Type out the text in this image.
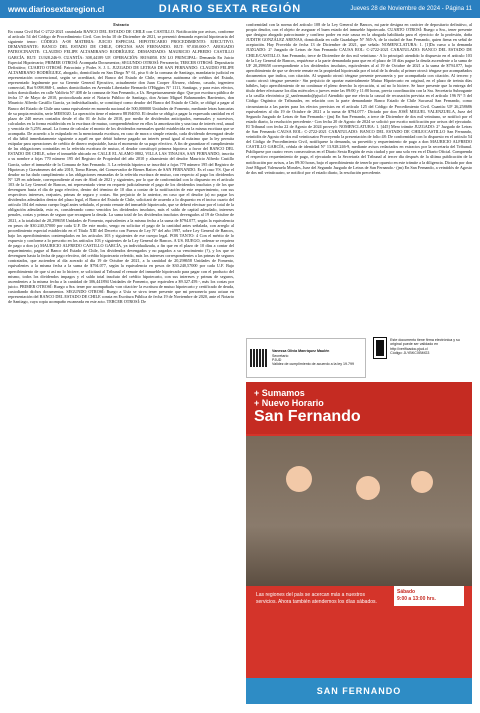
www.diariosextaregion.cl	DIARIO SEXTA REGIÓN	Jueves 28 de Noviembre de 2024 - Página 11
Extracto

En causa Civil Rol C-2722-2021 caratulada BANCO DEL ESTADO DE CHILE con CASTILLO. Notificación por avisos, conforme al artículo 54 del Código de Procedimiento Civil. Con fecha 10 de Diciembre de 2021, se presentó demanda especial hipotecaria del siguiente tenor: CÓDIGO: A-08 MATERIA: JUICIO ESPECIAL HIPOTECARIO PROCEDIMIENTO: EJECUTIVO. DEMANDANTE: BANCO DEL ESTADO DE CHILE, OFICINA SAN FERNANDO. RUT: 97.030.000-7. ABOGADO PATROCINANTE: CLAUDIO FELIPE ALTAMIRANO RODRÍGUEZ. DEMANDADO: MAURICIO ALFREDO CASTILLO GARCÍA. RUT: 13.928.246-9. CUANTÍA: 308,44189 UF. OPERACIÓN: 88194050. EN LO PRINCIPAL: Demanda En Juicio Especial Hipotecario; PRIMER OTROSÍ: Acompaña Documentos; SEGUNDO OTROSÍ: Personería; TERCER OTROSÍ: Depositario Definitivo; CUARTO OTROSÍ: Patrocinio y Poder. S. J. L. JUZGADO DE LETRAS DE SAN FERNANDO. CLAUDIO FELIPE ALTAMIRANO RODRÍGUEZ, abogado, domiciliado en San Diego N° 61, piso 6 de la comuna de Santiago, mandatario judicial en representación convencional, según se acreditará, del Banco del Estado de Chile, empresa autónoma de créditos del Estado, representado legalmente por su Gerente General Ejecutivo, actualmente don Juan Cooper Álvarez, chileno, casado, ingeniero comercial, Rut 9.098.868-1, ambos domiciliados en Avenida Libertador Bernardo O'Higgins N° 1111, Santiago, y para estos efectos, todos domiciliados en calle Valdivia N° 408 de la comuna de San Fernando, a Us. Respetuosamente digo: Que por escritura pública de fecha 17 de Mayo de 2010, protocolizada ante el Notario Público de Santiago, don Arturo Miguel Bahamondes Barrientos, don Mauricio Alfredo Castillo García, ya individualizado, se constituyó como deudor del Banco del Estado de Chile, se obligó a pagar al Banco del Estado de Chile una suma equivalente en moneda nacional de 500,000000 Unidades de Fomento, mediante letras bancarias de su propia emisión, serie ME05020. La operación tiene el número 88194050. El deudor se obligó a pagar la expresada cantidad en el plazo de 240 meses contados desde el día 01 de Julio de 2010, por medio de dividendos anticipados, mensuales y sucesivos, calculados en la forma establecida en la escritura de mutuo, comprendiéndose en ellos la amortización y una tasa de interés real, anual y vencida de 5,25% anual. La forma de calcular el monto de los dividendos mensuales quedó establecida en la misma escritura que se acompaña. De acuerdo a lo estipulado en la mencionada escritura, en caso de mora o simple retardo, cada dividendo devengará desde el día hábil inmediatamente siguiente a aquél en que debió haberse pagado un interés penal igual al máximo que la ley permita estipular para operaciones de crédito de dinero reajustable, hasta el momento de su pago efectivo. A fin de garantizar el cumplimiento de las obligaciones contraídas en la referida escritura de mutuo, el deudor constituyó primera hipoteca a favor del BANCO DEL ESTADO DE CHILE, sobre el inmueble ubicado en CALLE EL ALAMO 0802, VILLA LAS TINAJAS, SAN FERNANDO, inscrita a su nombre a fojas 770 número 195 del Registro de Propiedad del año 2010 y alzamiento del deudor Mauricio Alfredo Castillo García, sobre el inmueble de la Comuna de San Fernando. 3. La referida hipoteca se inscribió a fojas 770 número 195 del Registro de Hipotecas y Gravámenes del año 2010, Tomo Bienes, del Conservador de Bienes Raíces de SAN FERNANDO. Es el caso VS. Que el deudor no ha dado cumplimiento a las obligaciones emanadas de la referida escritura de mutuo, con respecto al pago los dividendos N° 129 en adelante, correspondiente al mes de Abril de 2021 y siguientes, por lo que de conformidad con lo dispuesto en el artículo 103 de la Ley General de Bancos, mi representado viene en requerir judicialmente el pago de los dividendos insolutos y de los que devenguen hasta el día de pago efectivo, dentro del término de 10 días a contar de la notificación de este requerimiento, con sus respectivos intereses, reajustes, primas de seguro y costas. Sin perjuicio de lo anterior, en caso que el deudor (a) no pague los dividendos adeudados dentro del plazo legal, el Banco del Estado de Chile, solicitará de acuerdo a lo dispuesto en el inciso cuarto del artículo 104 del mismo cuerpo legal antes señalado, el pronto remate del inmueble hipotecado, que se deberá efectuar por el total de la obligación adeudada, esto es, considerando como vencidos los dividendos insolutos, más el saldo de capital adeudado, intereses penales, costas y primas de seguro que recarguen la deuda. La suma total de los dividendos insolutos devengados al 19 de Octubre de 2021, a la totalidad de 20,298658 Unidades de Fomento, equivalentes a la misma fecha a la suma de $794.077, según la equivalencia en pesos de $30.240,57000 por cada U.F. De este modo, vengo en solicitar el pago de la cantidad antes señalada, con arreglo al procedimiento especial establecido en el Título XIII del Decreto con Fuerza de Ley N° del año 1997, sobre Ley General de Bancos, bajo los apercibimientos contemplados en los artículos 103 y siguientes de ese cuerpo legal. POR TANTO: 4 Con el mérito de lo expuesto y conforme a lo prescrito en los artículos 103 y siguientes de la Ley General de Bancos. A US. RUEGO, ordenar se requiera de pago a don (a) MAURICIO ALFREDO CASTILLO GARCÍA, ya individualizada, a fin que en el plazo de 10 días a contar del requerimiento, pague al Banco del Estado de Chile, los dividendos devengados y no pagados a su vencimiento (?), y los que se devenguen hasta la fecha de pago efectivo, del crédito hipotecario referido, más los intereses correspondientes a las primas de seguros contratados, que ascienden al día acerado al día 19 de Octubre de 2021, a la cantidad de 20,298658 Unidades de Fomento, equivalentes a la misma fecha a la suma de $794.077, según la equivalencia en pesos de $30.240,57000 por cada U.F. Bajo apercibimiento de que si así no lo hiciere, se solicitará al Tribunal el remate del inmueble hipotecado para pagar con el producto del mismo, todos los dividendos impagos y el saldo total insoluto del crédito hipotecario, con sus intereses y primas de seguros, ascendentes a la misma fecha a la cantidad de 306,441894 Unidades de Fomento, que equivalen a $9.327.459.-, más los costas por juicio. PRIMER OTROSÍ: Ruego a Sra. tener por acompañada -con citación- la escritura de mutuo hipotecario y certificado de deuda, custodiando dichos documentos. SEGUNDO OTROSÍ: Ruego a Usía se sirva tener presente que mi personería para actuar en representación del BANCO DEL ESTADO DE CHILE consta en Escritura Pública de fecha 19 de Noviembre de 2020, ante el Notario de Santiago, cuya copia acompaño escaneada en este acto. TERCER OTROSÍ: De

conformidad con la norma del artículo 108 de la Ley General de Bancos, mi parte designa en carácter de depositario definitivo, al propio deudor, con el objeto de asegurar el buen estado del inmueble hipotecado. CUARTO OTROSÍ: Ruego a Sra., tener presente que designo abogado patrocinante y confiero poder en este causa en la abogada habilitada para el ejercicio de la profesión, doña JUDITH GONZÁLEZ ARENAS, domiciliada en calle Guadalupe N° 565-A, de la ciudad de San Fernando, quien firma en señal de aceptación. Hay Proveído de fecha 13 de Diciembre de 2021, que señala: NOMENCLATURA: 1. [1]Da curso a la demanda JUZGADO: 2° Juzgado de Letras de San Fernando CAUSA ROL: C-2722-2021 CARATULADO: BANCO DEL ESTADO DE CHILE/CASTILLO. San Fernando, trece de Diciembre de dos mil veintiuno.- A lo principal: atendido lo dispuesto en el artículo 103 de la Ley General de Bancos, requiérase a la parte demandada para que en el plazo de 10 días pague la deuda ascendente a la suma de UF 20,298658 correspondiente a los dividendos insolutos, equivalentes al al 19 de Octubre de 2021 a la suma de $794.077, bajo apercibimiento de que se decrete remate en la propiedad hipotecada por el total de la deuda; al primer otrosí: téngase por acompañados documentos que indica, con citación. Al segundo otrosí: téngase presente personería y por acompañada con citación. Al tercero y cuarto otrosí: téngase presente.- Sin perjuicio de aportar materialmente Mutuo Hipotecario en original, en el plazo de treinta días hábiles, bajo apercibimiento de no continuar el pleno derecho la ejecución, si así no lo hiciere. Se hace presente que la entrega del título deber efectuarse los días miércoles o jueves entre las 09:00 y 11:00 horas, previa coordinación con la Sra. Secretaria Subrogante a la casilla electrónica j2_sanfernando@pjud.cl Atendido que me efecta la causal de recusación prevista en el artículo 196 N° 5 del Código Orgánico de Tribunales, en relación con la parte demandante Banco Estado de Chile Sucursal San Fernando, como circunstancia a las partes para los efectos previstos en el artículo 125 del Código de Procedimiento Civil. Cuantía: UF 26,258686 equivalentes al día 19 de Octubre de 2021 a la suma de $794.077.- Dictado por don JOSÉ MIGUEL VALENZUELA, Juez del Segundo Juzgado de Letras de San Fernando.- (jm) En San Fernando, a trece de Diciembre de dos mil veintiuno, se notificó por el estado diario, la resolución precedente.- Con fecha 20 de Agosto de 2024 se solicitó por escrito notificación por avisos del ejecutado. El Tribunal con fecha 22 de Agosto de 2024 proveyó: NOMENCLATURA: 1. [445] Mero trámite JUZGADO: 2° Juzgado de Letras de San Fernando CAUSA ROL: C-2722-2021 CARATULADO: BANCO DEL ESTADO DE CHILE/CASTILLO San Fernando, veintidós de Agosto de dos mil veinticuatro Proveyendo la presentación de folio 48: De conformidad con lo dispuesto en el artículo 54 del Código de Procedimiento Civil, notifíquese la demanda, su proveído y requerimiento de pago a don MAURICIO ALFREDO CASTILLO GARCÍA, cédula de identidad N° 13.928.246-9, mediante avisos redactados en extractos por la secretaría del Tribunal. Publíquese por cuatro veces consecutivas en el Diario Sexta Región de esta ciudad y por una sola vez en el Diario Oficial. Comprenda el respectivo requerimiento de pago, el ejecutado en la Secretaría del Tribunal al tercer día después de la última publicación de la notificación por avisos, a las 09:30 horas, bajo el apercibimiento de tenerlo por opuesto en este trámite a la diligencia. Dictado por don José Miguel Valenzuela Morales, Juez del Segundo Juzgado de Letras de San Fernando.- (jm) En San Fernando, a veintidós de Agosto de dos mil veinticuatro, se notificó por el estado diario, la resolución precedente.

Vanessa Olivia Manríquez Maulén
Secretario
PJUD
Validez de cumplimiento de acuerdo a la ley 19.799
Este documento tiene firma electrónica y su original puede ser validado en http://verificadoc.pjud.cl
Código: JLYBKCXBMG3
+ Sumamos
+ Nuevo Horario
San Fernando
Las regiones del país se acercan más a nuestros servicios. Ahora también atendemos los días sábados.
Sábado
9:00 a 13:00 hrs.
SAN FERNANDO
